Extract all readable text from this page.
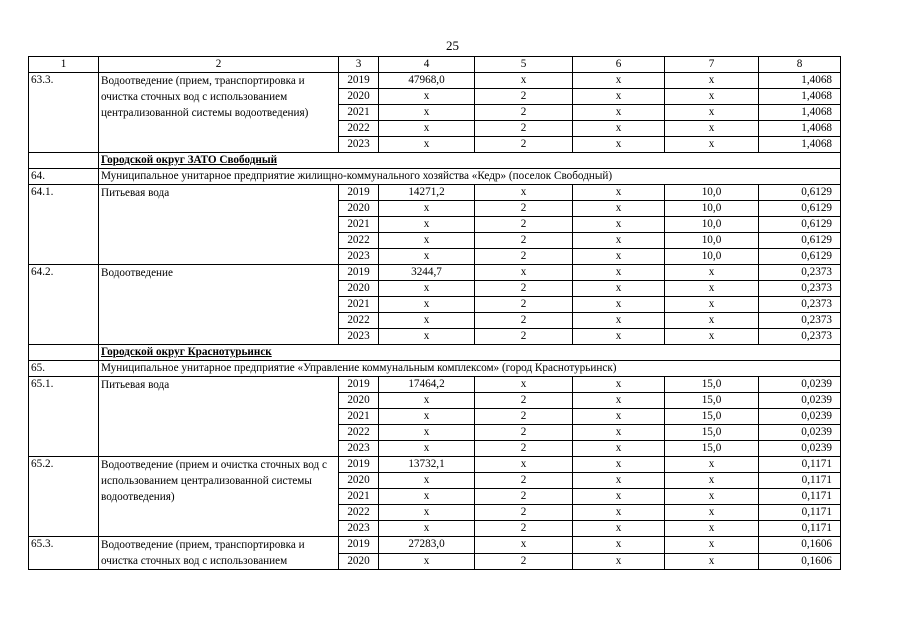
25
1	2	3	4	5	6	7	8
63.3.	Водоотведение (прием, транспортировка и очистка сточных вод с использованием централизованной системы водоотведения)	2019	47968,0	х	х	х	1,4068
		2020	х	2	х	х	1,4068
		2021	х	2	х	х	1,4068
		2022	х	2	х	х	1,4068
		2023	х	2	х	х	1,4068
	Городской округ ЗАТО Свободный						
64.	Муниципальное унитарное предприятие жилищно-коммунального хозяйства «Кедр» (поселок Свободный)						
64.1.	Питьевая вода	2019	14271,2	х	х	10,0	0,6129
		2020	х	2	х	10,0	0,6129
		2021	х	2	х	10,0	0,6129
		2022	х	2	х	10,0	0,6129
		2023	х	2	х	10,0	0,6129
64.2.	Водоотведение	2019	3244,7	х	х	х	0,2373
		2020	х	2	х	х	0,2373
		2021	х	2	х	х	0,2373
		2022	х	2	х	х	0,2373
		2023	х	2	х	х	0,2373
	Городской округ Краснотурьинск						
65.	Муниципальное унитарное предприятие «Управление коммунальным комплексом» (город Краснотурьинск)						
65.1.	Питьевая вода	2019	17464,2	х	х	15,0	0,0239
		2020	х	2	х	15,0	0,0239
		2021	х	2	х	15,0	0,0239
		2022	х	2	х	15,0	0,0239
		2023	х	2	х	15,0	0,0239
65.2.	Водоотведение (прием и очистка сточных вод с использованием централизованной системы водоотведения)	2019	13732,1	х	х	х	0,1171
		2020	х	2	х	х	0,1171
		2021	х	2	х	х	0,1171
		2022	х	2	х	х	0,1171
		2023	х	2	х	х	0,1171
65.3.	Водоотведение (прием, транспортировка и очистка сточных вод с использованием	2019	27283,0	х	х	х	0,1606
		2020	х	2	х	х	0,1606
